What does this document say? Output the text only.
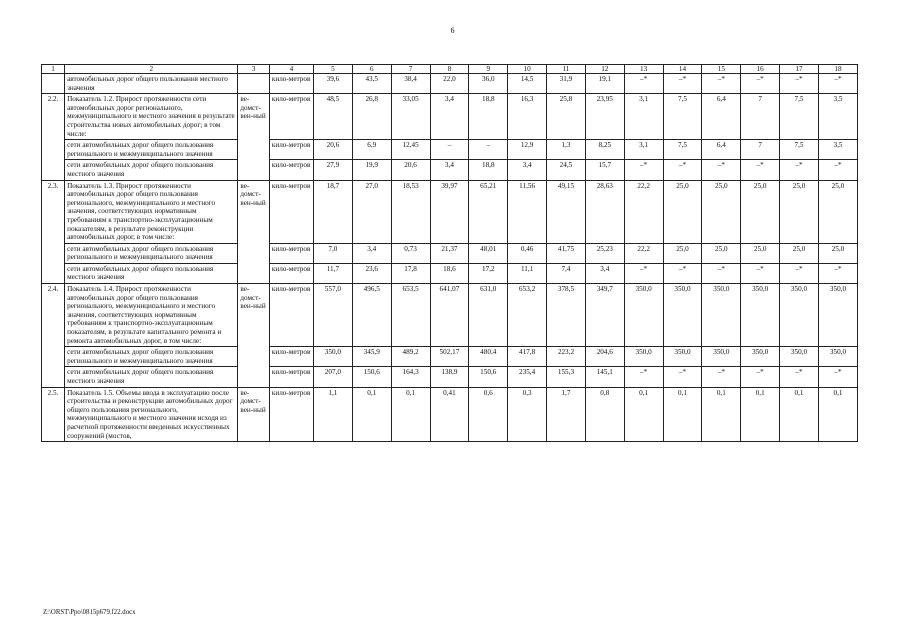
6
1	2	3	4	5	6	7	8	9	10	11	12	13	14	15	16	17	18
	автомобильных дорог общего пользования местного значения		кило-метров	39,6	43,5	38,4	22,0	36,0	14,5	31,9	19,1	–*	–*	–*	–*	–*	–*
2.2.	Показатель 1.2. Прирост протяженности сети автомобильных дорог регионального, межмуниципального и местного значения в результате строительства новых автомобильных дорог; в том числе:	ве-домст-вен-ный	кило-метров	48,5	26,8	33,05	3,4	18,8	16,3	25,8	23,95	3,1	7,5	6,4	7	7,5	3,5
	сети автомобильных дорог общего пользования регионального и межмуниципального значения		кило-метров	20,6	6,9	12,45	–	–	12,9	1,3	8,25	3,1	7,5	6,4	7	7,5	3,5
	сети автомобильных дорог общего пользования местного значения		кило-метров	27,9	19,9	20,6	3,4	18,8	3,4	24,5	15,7	–*	–*	–*	–*	–*	–*
2.3.	Показатель 1.3. Прирост протяженности автомобильных дорог общего пользования регионального, межмуниципального и местного значения, соответствующих нормативным требованиям к транспортно-эксплуатационным показателям, в результате реконструкции автомобильных дорог, в том числе:	ве-домст-вен-ный	кило-метров	18,7	27,0	18,53	39,97	65,21	11,56	49,15	28,63	22,2	25,0	25,0	25,0	25,0	25,0
	сети автомобильных дорог общего пользования регионального и межмуниципального значения		кило-метров	7,0	3,4	0,73	21,37	48,01	0,46	41,75	25,23	22,2	25,0	25,0	25,0	25,0	25,0
	сети автомобильных дорог общего пользования местного значения		кило-метров	11,7	23,6	17,8	18,6	17,2	11,1	7,4	3,4	–*	–*	–*	–*	–*	–*
2.4.	Показатель 1.4. Прирост протяженности автомобильных дорог общего пользования регионального, межмуниципального и местного значения, соответствующих нормативным требованиям к транспортно-эксплуатационным показателям, в результате капитального ремонта и ремонта автомобильных дорог, в том числе:	ве-домст-вен-ный	кило-метров	557,0	496,5	653,5	641,07	631,0	653,2	378,5	349,7	350,0	350,0	350,0	350,0	350,0	350,0
	сети автомобильных дорог общего пользования регионального и межмуниципального значения		кило-метров	350,0	345,9	489,2	502,17	480,4	417,8	223,2	204,6	350,0	350,0	350,0	350,0	350,0	350,0
	сети автомобильных дорог общего пользования местного значения		кило-метров	207,0	150,6	164,3	138,9	150,6	235,4	155,3	145,1	–*	–*	–*	–*	–*	–*
2.5.	Показатель 1.5. Объемы ввода в эксплуатацию после строительства и реконструкции автомобильных дорог общего пользования регионального, межмуниципального и местного значения исходя из расчетной протяженности введенных искусственных сооружений (мостов,	ве-домст-вен-ный	кило-метров	1,1	0,1	0,1	0,41	0,6	0,3	1,7	0,8	0,1	0,1	0,1	0,1	0,1	0,1
Z:\ORST\Ppo\0815p679.f22.docx
